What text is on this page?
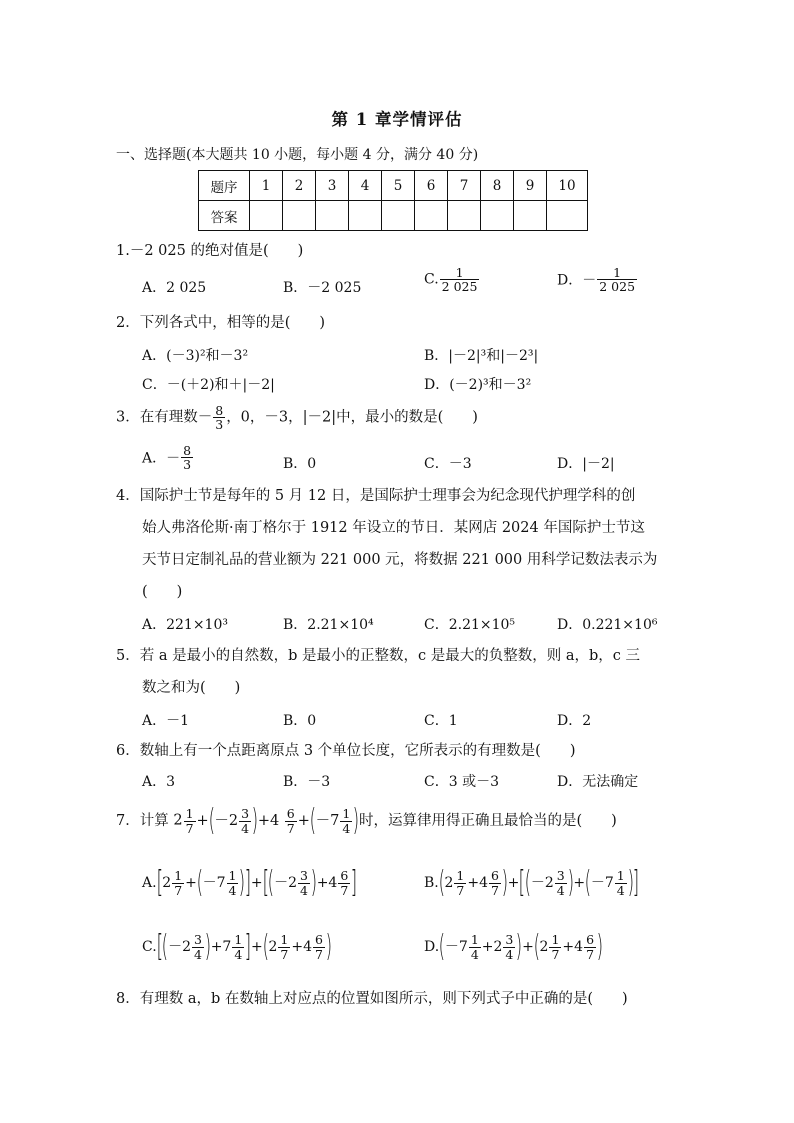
第 1 章学情评估
一、选择题(本大题共 10 小题，每小题 4 分，满分 40 分)
题序	1	2	3	4	5	6	7	8	9	10
答案										
1.－2 025 的绝对值是(　　)
A．2 025	B．－2 025
C. $\frac{1}{2 025}$	D．－ $\frac{1}{2 025}$
2．下列各式中，相等的是(　　)
A．(－3)²和－3²	B．|－2|³和|－2³|
C．－(＋2)和＋|－2|	D．(－2)³和－3²
3．在有理数－ $\frac{8}{3}$ ，0，－3，|－2|中，最小的数是(　　)
A．－ $\frac{8}{3}$	B．0	C．－3	D．|－2|
4．国际护士节是每年的 5 月 12 日，是国际护士理事会为纪念现代护理学科的创
始人弗洛伦斯·南丁格尔于 1912 年设立的节日．某网店 2024 年国际护士节这
天节日定制礼品的营业额为 221 000 元，将数据 221 000 用科学记数法表示为
(　　)
A．221×10³	B．2.21×10⁴	C．2.21×10⁵	D．0.221×10⁶
5．若 a 是最小的自然数，b 是最小的正整数，c 是最大的负整数，则 a，b，c 三
数之和为(　　)
A．－1	B．0	C．1	D．2
6．数轴上有一个点距离原点 3 个单位长度，它所表示的有理数是(　　)
A．3	B．－3	C．3 或－3	D．无法确定
7．计算 $2 \frac{1}{7} +(-2 \frac{3}{4} )+4 \frac{6}{7} +(-7 \frac{1}{4}$ )时，运算律用得正确且最恰当的是(　　)
$A.[2 \frac{1}{7} +(-7 \frac{1}{4} )]+[(-2 \frac{3}{4} )+4 \frac{6}{7}$ ]	$B.(2 \frac{1}{7} +4 \frac{6}{7} )+[(-2 \frac{3}{4} )+(-7 \frac{1}{4}$ )]
$C.[(-2 \frac{3}{4} )+7 \frac{1}{4} ]+(2 \frac{1}{7} +4 \frac{6}{7}$ )	$D.(-7 \frac{1}{4} +2 \frac{3}{4} )+(2 \frac{1}{7} +4 \frac{6}{7}$ )
8．有理数 a，b 在数轴上对应点的位置如图所示，则下列式子中正确的是(　　)
